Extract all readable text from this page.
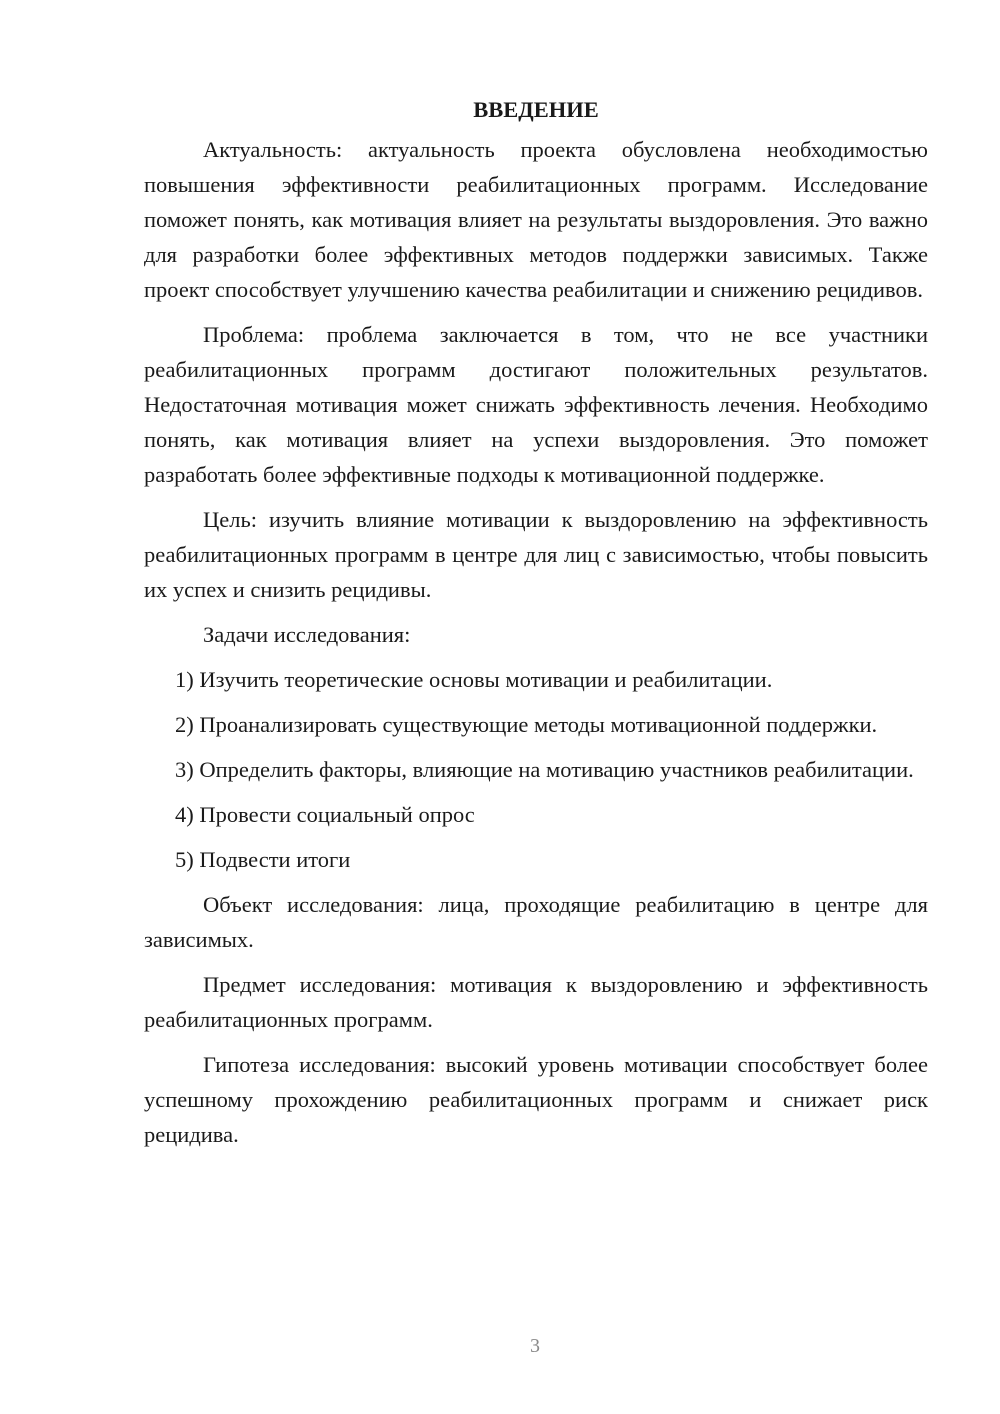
ВВЕДЕНИЕ

Актуальность: актуальность проекта обусловлена необходимостью повышения эффективности реабилитационных программ. Исследование поможет понять, как мотивация влияет на результаты выздоровления. Это важно для разработки более эффективных методов поддержки зависимых. Также проект способствует улучшению качества реабилитации и снижению рецидивов.

Проблема: проблема заключается в том, что не все участники реабилитационных программ достигают положительных результатов. Недостаточная мотивация может снижать эффективность лечения. Необходимо понять, как мотивация влияет на успехи выздоровления. Это поможет разработать более эффективные подходы к мотивационной поддержке.

Цель: изучить влияние мотивации к выздоровлению на эффективность реабилитационных программ в центре для лиц с зависимостью, чтобы повысить их успех и снизить рецидивы.

Задачи исследования:

1) Изучить теоретические основы мотивации и реабилитации.

2) Проанализировать существующие методы мотивационной поддержки.

3) Определить факторы, влияющие на мотивацию участников реабилитации.

4) Провести социальный опрос

5) Подвести итоги

Объект исследования: лица, проходящие реабилитацию в центре для зависимых.

Предмет исследования: мотивация к выздоровлению и эффективность реабилитационных программ.

Гипотеза исследования: высокий уровень мотивации способствует более успешному прохождению реабилитационных программ и снижает риск рецидива.

3
